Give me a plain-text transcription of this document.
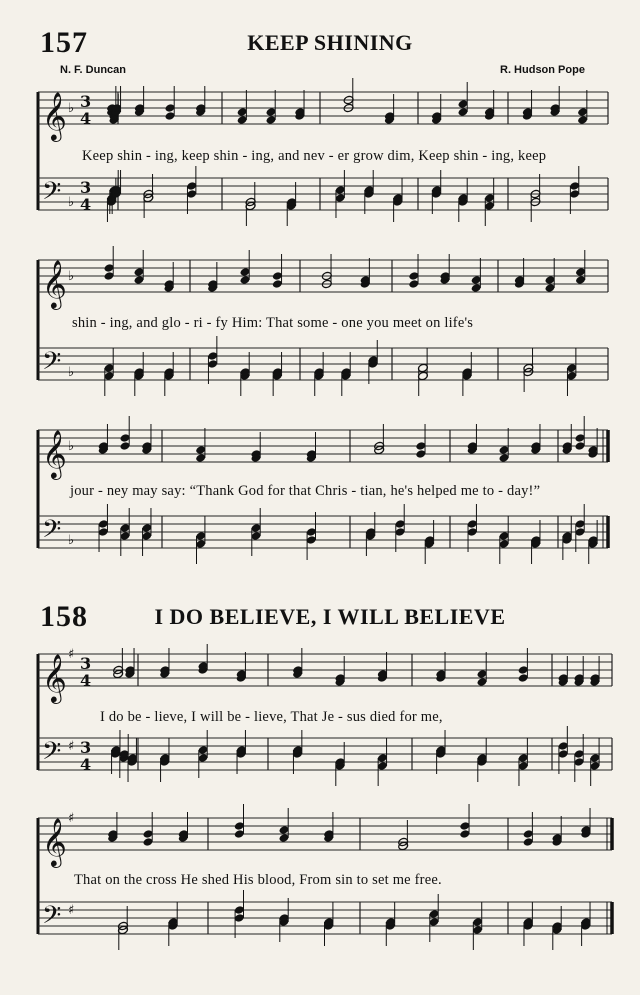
𝄞 ♭ 3
4
𝄢 ♭
3
4
𝄞 ♭
𝄢 ♭
𝄞 ♭
𝄢 ♭
𝄞 ♯ 3
4
𝄢 ♯ 3
4
𝄞 ♯
𝄢 ♯
157	KEEP SHINING
N. F. Duncan	R. Hudson Pope
Keep shin - ing, keep shin - ing, and nev - er grow dim, Keep shin - ing, keep
shin - ing, and glo - ri - fy Him: That some - one you meet on life's
jour - ney may say: “Thank God for that Chris - tian, he's helped me to - day!”
158	I DO BELIEVE, I WILL BELIEVE
I do be - lieve, I will be - lieve, That Je - sus died for me,
That on the cross He shed His blood, From sin to set me free.
